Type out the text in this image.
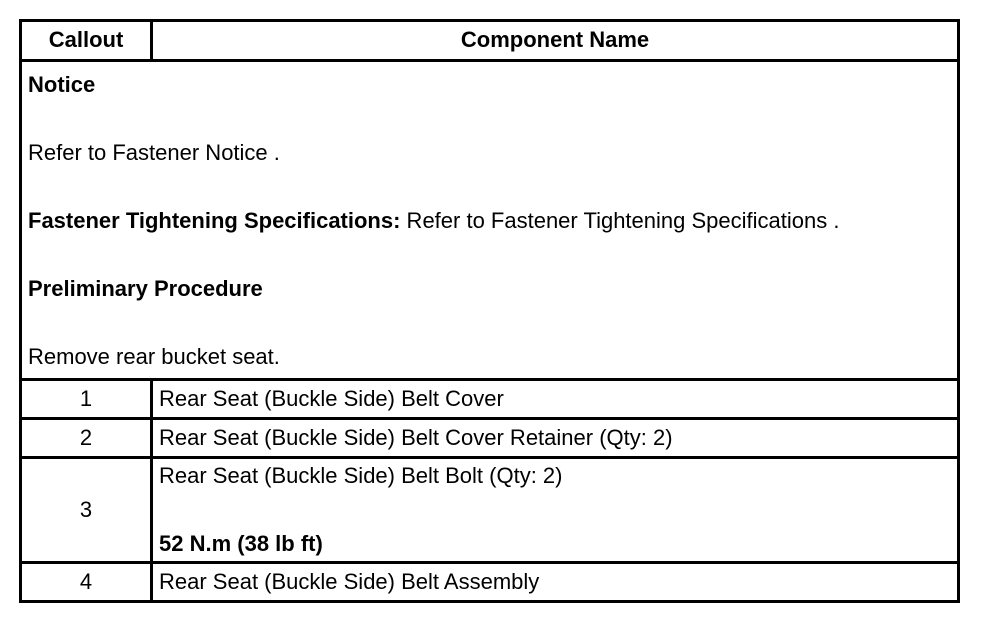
Callout	Component Name

Notice

Refer to Fastener Notice .

Fastener Tightening Specifications: Refer to Fastener Tightening Specifications .

Preliminary Procedure

Remove rear bucket seat.	

1	Rear Seat (Buckle Side) Belt Cover
2	Rear Seat (Buckle Side) Belt Cover Retainer (Qty: 2)
3	Rear Seat (Buckle Side) Belt Bolt (Qty: 2)
52 N.m (38 lb ft)

4	Rear Seat (Buckle Side) Belt Assembly
